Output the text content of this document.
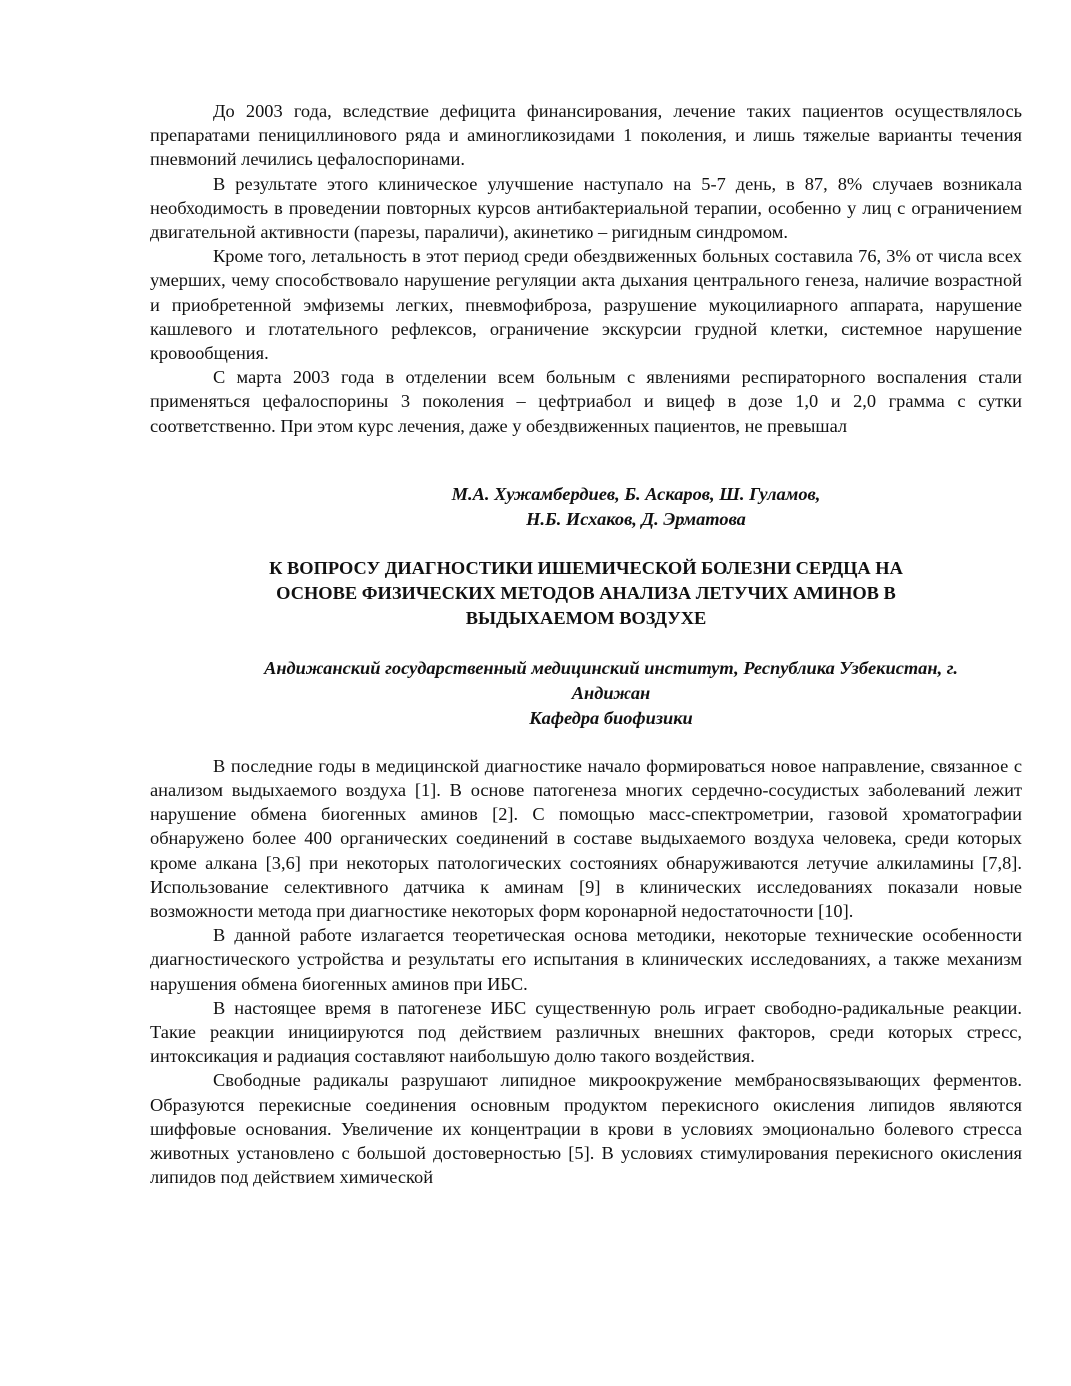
До 2003 года, вследствие дефицита финансирования, лечение таких пациентов осуществлялось препаратами пенициллинового ряда и аминогликозидами 1 поколения, и лишь тяжелые варианты течения пневмоний лечились цефалоспоринами.

В результате этого клиническое улучшение наступало на 5-7 день, в 87, 8% случаев возникала необходимость в проведении повторных курсов антибактериальной терапии, особенно у лиц с ограничением двигательной активности (парезы, параличи), акинетико – ригидным синдромом.

Кроме того, летальность в этот период среди обездвиженных больных составила 76, 3% от числа всех умерших, чему способствовало нарушение регуляции акта дыхания центрального генеза, наличие возрастной и приобретенной эмфиземы легких, пневмофиброза, разрушение мукоцилиарного аппарата, нарушение кашлевого и глотательного рефлексов, ограничение экскурсии грудной клетки, системное нарушение кровообщения.

С марта 2003 года в отделении всем больным с явлениями респираторного воспаления стали применяться цефалоспорины 3 поколения – цефтриабол и вицеф в дозе 1,0 и 2,0 грамма с сутки соответственно. При этом курс лечения, даже у обездвиженных пациентов, не превышал

М.А. Хужамбердиев, Б. Аскаров, Ш. Гуламов,
Н.Б. Исхаков, Д. Эрматова
К ВОПРОСУ ДИАГНОСТИКИ ИШЕМИЧЕСКОЙ БОЛЕЗНИ СЕРДЦА НА
ОСНОВЕ ФИЗИЧЕСКИХ МЕТОДОВ АНАЛИЗА ЛЕТУЧИХ АМИНОВ В
ВЫДЫХАЕМОМ ВОЗДУХЕ
Андижанский государственный медицинский институт, Республика Узбекистан, г.
Андижан
Кафедра биофизики

В последние годы в медицинской диагностике начало формироваться новое направление, связанное с анализом выдыхаемого воздуха [1]. В основе патогенеза многих сердечно-сосудистых заболеваний лежит нарушение обмена биогенных аминов [2]. С помощью масс-спектрометрии, газовой хроматографии обнаружено более 400 органических соединений в составе выдыхаемого воздуха человека, среди которых кроме алкана [3,6] при некоторых патологических состояниях обнаруживаются летучие алкиламины [7,8]. Использование селективного датчика к аминам [9] в клинических исследованиях показали новые возможности метода при диагностике некоторых форм коронарной недостаточности [10].

В данной работе излагается теоретическая основа методики, некоторые технические особенности диагностического устройства и результаты его испытания в клинических исследованиях, а также механизм нарушения обмена биогенных аминов при ИБС.

В настоящее время в патогенезе ИБС существенную роль играет свободно-радикальные реакции. Такие реакции инициируются под действием различных внешних факторов, среди которых стресс, интоксикация и радиация составляют наибольшую долю такого воздействия.

Свободные радикалы разрушают липидное микроокружение мембраносвязывающих ферментов. Образуются перекисные соединения основным продуктом перекисного окисления липидов являются шиффовые основания. Увеличение их концентрации в крови в условиях эмоционально болевого стресса животных установлено с большой достоверностью [5]. В условиях стимулирования перекисного окисления липидов под действием химической
